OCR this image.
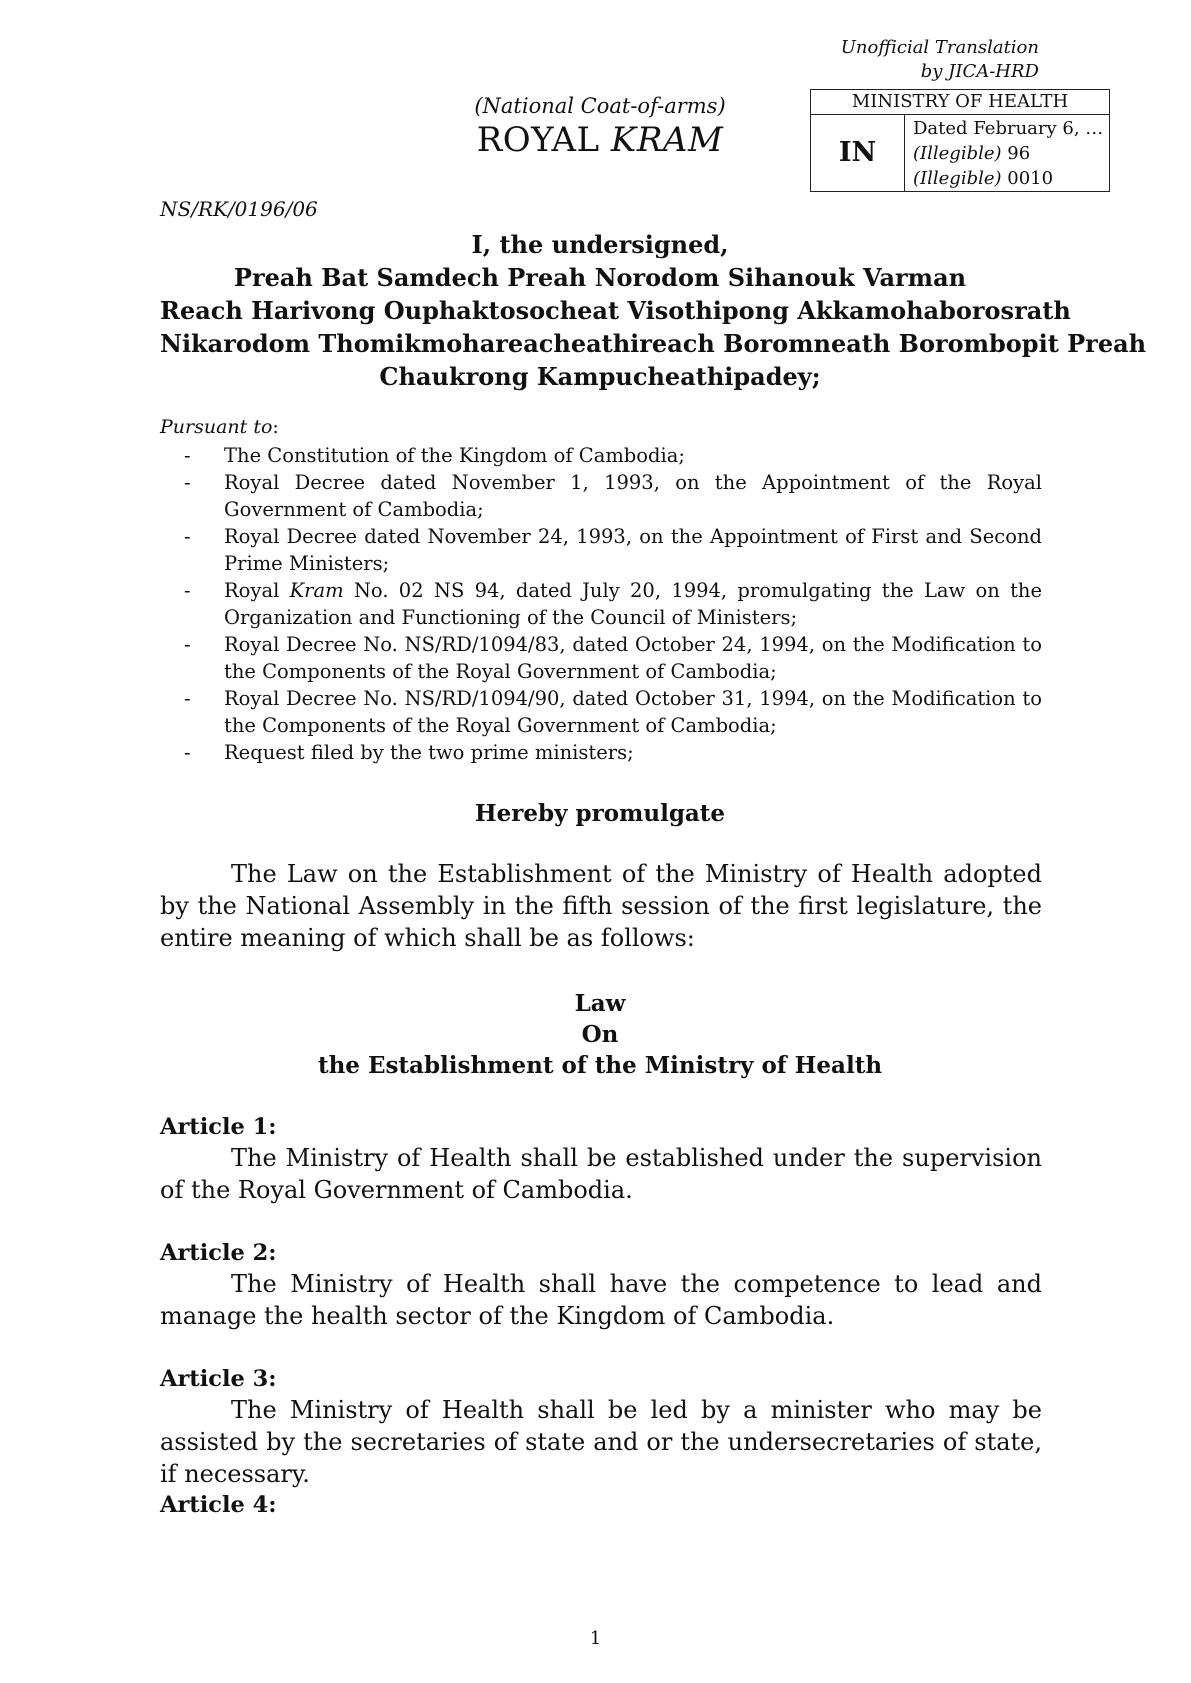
Unofficial Translation
by JICA-HRD
(National Coat-of-arms)
ROYAL KRAM
MINISTRY OF HEALTH
IN
Dated February 6, …
(Illegible) 96
(Illegible) 0010
NS/RK/0196/06
I, the undersigned,
Preah Bat Samdech Preah Norodom Sihanouk Varman
Reach Harivong Ouphaktosocheat Visothipong Akkamohaborosrath
Nikarodom Thomikmohareacheathireach Boromneath Borombopit Preah
Chaukrong Kampucheathipadey;
Pursuant to:
- The Constitution of the Kingdom of Cambodia;
- Royal Decree dated November 1, 1993, on the Appointment of the Royal Government of Cambodia;
- Royal Decree dated November 24, 1993, on the Appointment of First and Second Prime Ministers;
- Royal Kram No. 02 NS 94, dated July 20, 1994, promulgating the Law on the Organization and Functioning of the Council of Ministers;
- Royal Decree No. NS/RD/1094/83, dated October 24, 1994, on the Modification to the Components of the Royal Government of Cambodia;
- Royal Decree No. NS/RD/1094/90, dated October 31, 1994, on the Modification to the Components of the Royal Government of Cambodia;
- Request filed by the two prime ministers;
Hereby promulgate
The Law on the Establishment of the Ministry of Health adopted by the National Assembly in the fifth session of the first legislature, the entire meaning of which shall be as follows:
Law
On
the Establishment of the Ministry of Health
Article 1:
The Ministry of Health shall be established under the supervision of the Royal Government of Cambodia.
Article 2:
The Ministry of Health shall have the competence to lead and manage the health sector of the Kingdom of Cambodia.
Article 3:
The Ministry of Health shall be led by a minister who may be assisted by the secretaries of state and or the undersecretaries of state, if necessary.
Article 4:
1
